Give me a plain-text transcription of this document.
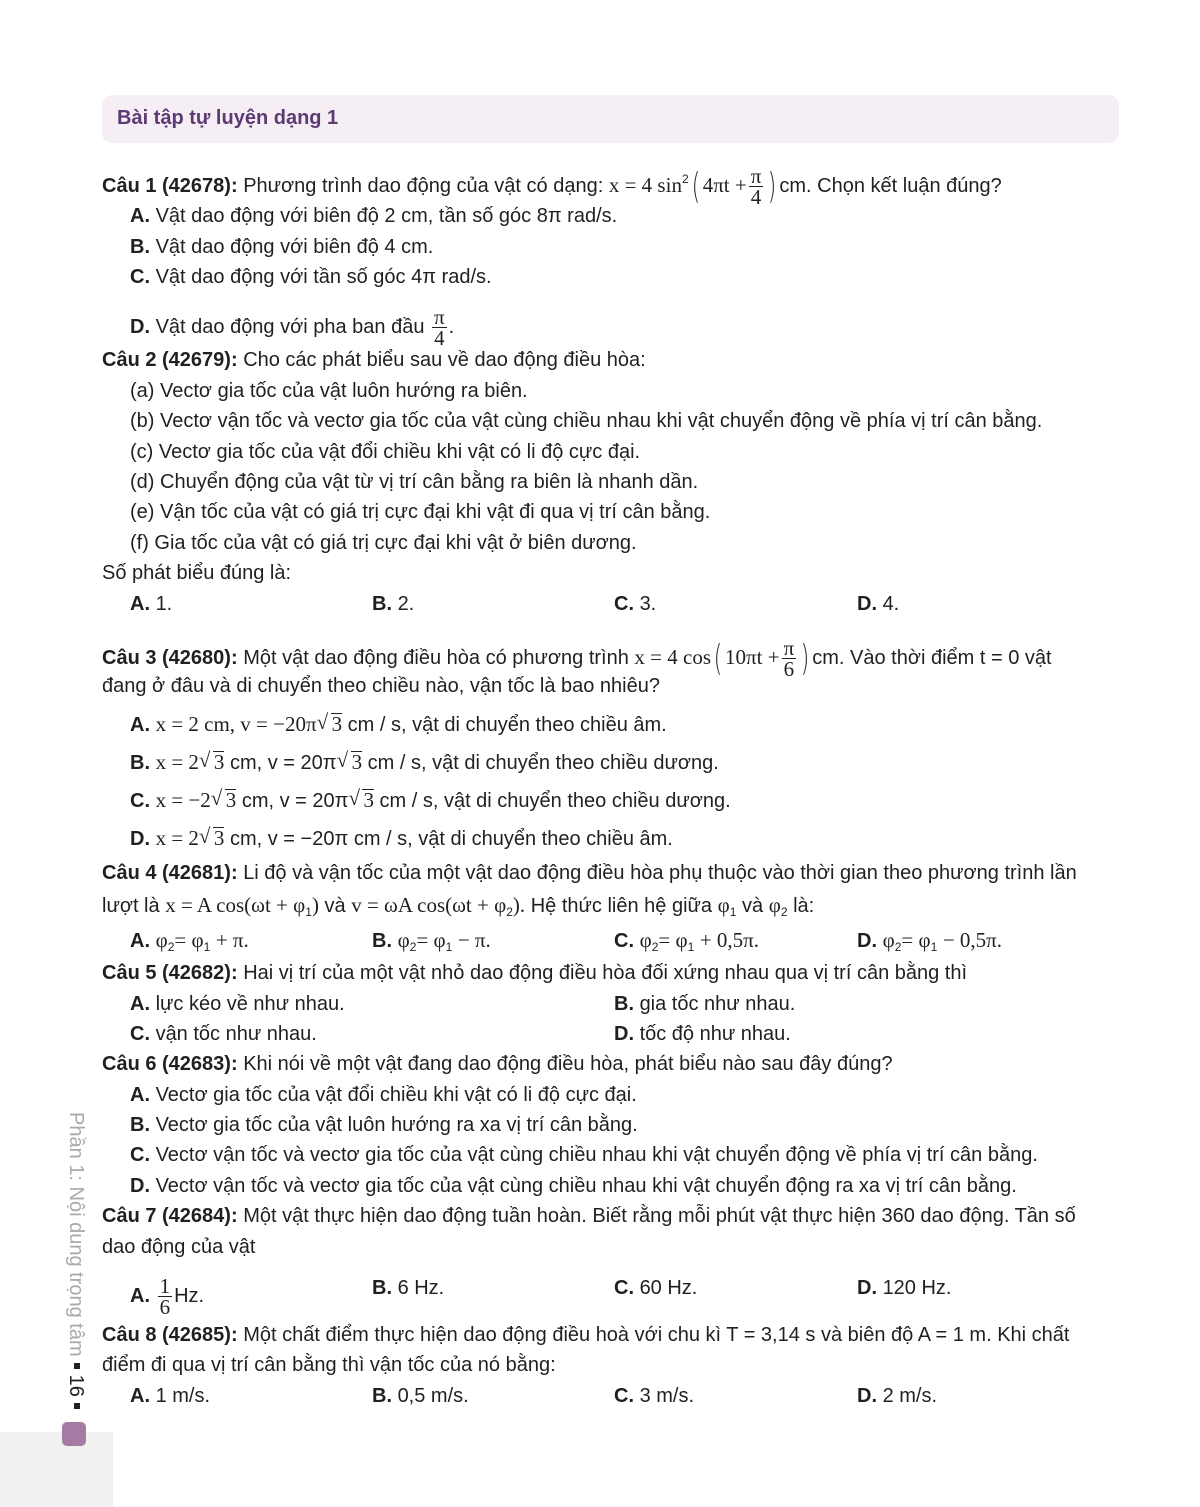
Phần 1: Nội dung trọng tâm16
Bài tập tự luyện dạng 1
Câu 1 (42678): Phương trình dao động của vật có dạng: x = 4 $\sin^2$( $4\pi t + \frac{\pi}{4}$ ) cm. Chọn kết luận đúng?
A. Vật dao động với biên độ 2 cm, tần số góc 8π rad/s.
B. Vật dao động với biên độ 4 cm.
C. Vật dao động với tần số góc 4π rad/s.
D. Vật dao động với pha ban đầu $\frac{\pi}{4}$ .
Câu 2 (42679): Cho các phát biểu sau về dao động điều hòa:
(a) Vectơ gia tốc của vật luôn hướng ra biên.
(b) Vectơ vận tốc và vectơ gia tốc của vật cùng chiều nhau khi vật chuyển động về phía vị trí cân bằng.
(c) Vectơ gia tốc của vật đổi chiều khi vật có li độ cực đại.
(d) Chuyển động của vật từ vị trí cân bằng ra biên là nhanh dần.
(e) Vận tốc của vật có giá trị cực đại khi vật đi qua vị trí cân bằng.
(f) Gia tốc của vật có giá trị cực đại khi vật ở biên dương.
Số phát biểu đúng là:
A. 1.	B. 2.	C. 3.	D. 4.
Câu 3 (42680): Một vật dao động điều hòa có phương trình x = 4 cos( $10\pi t + \frac{\pi}{6}$ ) cm. Vào thời điểm t = 0 vật
đang ở đâu và di chuyển theo chiều nào, vận tốc là bao nhiêu?
A. x = 2 cm, v = −20π √ 3 cm / s, vật di chuyển theo chiều âm.
B. x = 2 √ 3 cm, v = 20π √ 3 cm / s, vật di chuyển theo chiều dương.
C. x = −2 √ 3 cm, v = 20π √ 3 cm / s, vật di chuyển theo chiều dương.
D. x = 2 √ 3 cm, v = −20π cm / s, vật di chuyển theo chiều âm.
Câu 4 (42681): Li độ và vận tốc của một vật dao động điều hòa phụ thuộc vào thời gian theo phương trình lần
lượt là x = A $\cos(\omega t + \varphi_1)$ và v = ωA $\cos(\omega t + \varphi_2)$. Hệ thức liên hệ giữa $\varphi_1$ và $\varphi_2$ là:
A. $\varphi_2= \varphi_1 + \pi$.	B. $\varphi_2= \varphi_1 - \pi$.	C. $\varphi_2= \varphi_1 + 0,5\pi$.	D. $\varphi_2= \varphi_1 - 0,5\pi$.
Câu 5 (42682): Hai vị trí của một vật nhỏ dao động điều hòa đối xứng nhau qua vị trí cân bằng thì
A. lực kéo về như nhau.	B. gia tốc như nhau.
C. vận tốc như nhau.	D. tốc độ như nhau.
Câu 6 (42683): Khi nói về một vật đang dao động điều hòa, phát biểu nào sau đây đúng?
A. Vectơ gia tốc của vật đổi chiều khi vật có li độ cực đại.
B. Vectơ gia tốc của vật luôn hướng ra xa vị trí cân bằng.
C. Vectơ vận tốc và vectơ gia tốc của vật cùng chiều nhau khi vật chuyển động về phía vị trí cân bằng.
D. Vectơ vận tốc và vectơ gia tốc của vật cùng chiều nhau khi vật chuyển động ra xa vị trí cân bằng.
Câu 7 (42684): Một vật thực hiện dao động tuần hoàn. Biết rằng mỗi phút vật thực hiện 360 dao động. Tần số
dao động của vật
A. $\frac{1}{6} Hz$.	B. 6 Hz.	C. 60 Hz.	D. 120 Hz.
Câu 8 (42685): Một chất điểm thực hiện dao động điều hoà với chu kì T = 3,14 s và biên độ A = 1 m. Khi chất
điểm đi qua vị trí cân bằng thì vận tốc của nó bằng:
A. 1 m/s.	B. 0,5 m/s.	C. 3 m/s.	D. 2 m/s.
